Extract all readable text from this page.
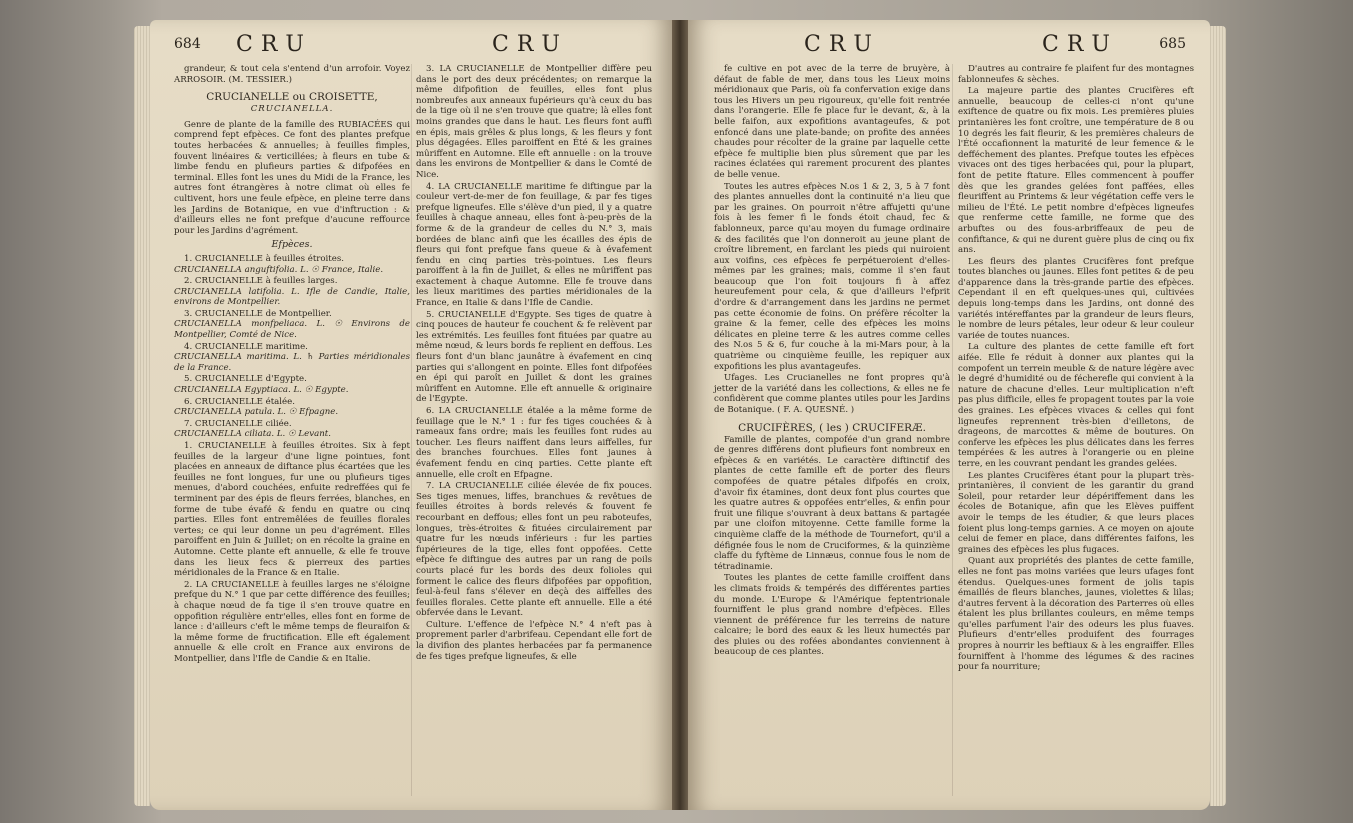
684 CRU	CRU

grandeur, & tout cela s'entend d'un arrofoir. Voyez ARROSOIR. (M. TESSIER.)

CRUCIANELLE ou CROISETTE,

CRUCIANELLA.

Genre de plante de la famille des RUBIACÉES qui comprend fept efpèces. Ce font des plantes prefque toutes herbacées & annuelles; à feuilles fimples, fouvent linéaires & verticillées; à fleurs en tube & limbe fendu en plufieurs parties & difpofées en terminal. Elles font les unes du Midi de la France, les autres font étrangères à notre climat où elles fe cultivent, hors une feule efpèce, en pleine terre dans les Jardins de Botanique, en vue d'inftruction : & d'ailleurs elles ne font prefque d'aucune reffource pour les Jardins d'agrément.

Efpèces.

1. CRUCIANELLE à feuilles étroites.

CRUCIANELLA anguftifolia. L. ☉ France, Italie.

2. CRUCIANELLE à feuilles larges.

CRUCIANELLA latifolia. L. Ifle de Candie, Italie, environs de Montpellier.

3. CRUCIANELLE de Montpellier.

CRUCIANELLA monfpeliaca. L. ☉ Environs de Montpellier, Comté de Nice.

4. CRUCIANELLE maritime.

CRUCIANELLA maritima. L. ♄ Parties méridionales de la France.

5. CRUCIANELLE d'Egypte.

CRUCIANELLA Egyptiaca. L. ☉ Egypte.

6. CRUCIANELLE étalée.

CRUCIANELLA patula. L. ☉ Efpagne.

7. CRUCIANELLE ciliée.

CRUCIANELLA ciliata. L. ☉ Levant.

1. CRUCIANELLE à feuilles étroites. Six à fept feuilles de la largeur d'une ligne pointues, font placées en anneaux de diftance plus écartées que les feuilles ne font longues, fur une ou plufieurs tiges menues, d'abord couchées, enfuite redreffées qui fe terminent par des épis de fleurs ferrées, blanches, en forme de tube évafé & fendu en quatre ou cinq parties. Elles font entremêlées de feuilles florales vertes; ce qui leur donne un peu d'agrément. Elles paroiffent en Juin & Juillet; on en récolte la graine en Automne. Cette plante eft annuelle, & elle fe trouve dans les lieux fecs & pierreux des parties méridionales de la France & en Italie.

2. LA CRUCIANELLE à feuilles larges ne s'éloigne prefque du N.° 1 que par cette différence des feuilles; à chaque nœud de fa tige il s'en trouve quatre en oppofition régulière entr'elles, elles font en forme de lance : d'ailleurs c'eft le même temps de fleuraifon & la même forme de fructification. Elle eft également annuelle & elle croît en France aux environs de Montpellier, dans l'Ifle de Candie & en Italie.

3. LA CRUCIANELLE de Montpellier diffère peu dans le port des deux précédentes; on remarque la même difpofition de feuilles, elles font plus nombreufes aux anneaux fupérieurs qu'à ceux du bas de la tige où il ne s'en trouve que quatre; là elles font moins grandes que dans le haut. Les fleurs font auffi en épis, mais grêles & plus longs, & les fleurs y font plus dégagées. Elles paroiffent en Été & les graines mûriffent en Automne. Elle eft annuelle : on la trouve dans les environs de Montpellier & dans le Comté de Nice.

4. LA CRUCIANELLE maritime fe diftingue par la couleur vert-de-mer de fon feuillage, & par fes tiges prefque ligneufes. Elle s'élève d'un pied, il y a quatre feuilles à chaque anneau, elles font à-peu-près de la forme & de la grandeur de celles du N.° 3, mais bordées de blanc ainfi que les écailles des épis de fleurs qui font prefque fans queue & à évafement fendu en cinq parties très-pointues. Les fleurs paroiffent à la fin de Juillet, & elles ne mûriffent pas exactement à chaque Automne. Elle fe trouve dans les lieux maritimes des parties méridionales de la France, en Italie & dans l'Ifle de Candie.

5. CRUCIANELLE d'Egypte. Ses tiges de quatre à cinq pouces de hauteur fe couchent & fe relèvent par les extrémités. Les feuilles font fituées par quatre au même nœud, & leurs bords fe replient en deffous. Les fleurs font d'un blanc jaunâtre à évafement en cinq parties qui s'allongent en pointe. Elles font difpofées en épi qui paroît en Juillet & dont les graines mûriffent en Automne. Elle eft annuelle & originaire de l'Egypte.

6. LA CRUCIANELLE étalée a la même forme de feuillage que le N.° 1 : fur fes tiges couchées & à rameaux fans ordre; mais les feuilles font rudes au toucher. Les fleurs naiffent dans leurs aiffelles, fur des branches fourchues. Elles font jaunes à évafement fendu en cinq parties. Cette plante eft annuelle, elle croît en Efpagne.

7. LA CRUCIANELLE ciliée élevée de fix pouces. Ses tiges menues, liffes, branchues & revêtues de feuilles étroites à bords relevés & fouvent fe recourbant en deffous; elles font un peu raboteufes, longues, très-étroites & fituées circulairement par quatre fur les nœuds inférieurs : fur les parties fupérieures de la tige, elles font oppofées. Cette efpèce fe diftingue des autres par un rang de poils courts placé fur les bords des deux folioles qui forment le calice des fleurs difpofées par oppofition, feul-à-feul fans s'élever en deçà des aiffelles des feuilles florales. Cette plante eft annuelle. Elle a été obfervée dans le Levant.

Culture. L'effence de l'efpèce N.° 4 n'eft pas à proprement parler d'arbrifeau. Cependant elle fort de la divifion des plantes herbacées par fa permanence de fes tiges prefque ligneufes, & elle

CRU	CRU	685

fe cultive en pot avec de la terre de bruyère, à défaut de fable de mer, dans tous les Lieux moins méridionaux que Paris, où fa confervation exige dans tous les Hivers un peu rigoureux, qu'elle foit rentrée dans l'orangerie. Elle fe place fur le devant, &, à la belle faifon, aux expofitions avantageufes, & pot enfoncé dans une plate-bande; on profite des années chaudes pour récolter de la graine par laquelle cette efpèce fe multiplie bien plus sûrement que par les racines éclatées qui rarement procurent des plantes de belle venue.

Toutes les autres efpèces N.os 1 & 2, 3, 5 à 7 font des plantes annuelles dont la continuité n'a lieu que par les graines. On pourroit n'être affujetti qu'une fois à les femer fi le fonds étoit chaud, fec & fablonneux, parce qu'au moyen du fumage ordinaire & des facilités que l'on donneroit au jeune plant de croître librement, en farclant les pieds qui nuiroient aux voifins, ces efpèces fe perpétueroient d'elles-mêmes par les graines; mais, comme il s'en faut beaucoup que l'on foit toujours fi à affez heureufement pour cela, & que d'ailleurs l'efprit d'ordre & d'arrangement dans les jardins ne permet pas cette économie de foins. On préfère récolter la graine & la femer, celle des efpèces les moins délicates en pleine terre & les autres comme celles des N.os 5 & 6, fur couche à la mi-Mars pour, à la quatrième ou cinquième feuille, les repiquer aux expofitions les plus avantageufes.

Ufages. Les Crucianelles ne font propres qu'à jetter de la variété dans les collections, & elles ne fe confidèrent que comme plantes utiles pour les Jardins de Botanique. ( F. A. QUESNÉ. )

CRUCIFÈRES, ( les ) CRUCIFERÆ.

Famille de plantes, compofée d'un grand nombre de genres différens dont plufieurs font nombreux en efpèces & en variétés. Le caractère diftinctif des plantes de cette famille eft de porter des fleurs compofées de quatre pétales difpofés en croix, d'avoir fix étamines, dont deux font plus courtes que les quatre autres & oppofées entr'elles, & enfin pour fruit une filique s'ouvrant à deux battans & partagée par une cloifon mitoyenne. Cette famille forme la cinquième claffe de la méthode de Tournefort, qu'il a défignée fous le nom de Cruciformes, & la quinzième claffe du fyftème de Linnæus, connue fous le nom de tétradinamie.

Toutes les plantes de cette famille croiffent dans les climats froids & tempérés des différentes parties du monde. L'Europe & l'Amérique feptentrionale fourniffent le plus grand nombre d'efpèces. Elles viennent de préférence fur les terreins de nature calcaire; le bord des eaux & les lieux humectés par des pluies ou des rofées abondantes conviennent à beaucoup de ces plantes.

D'autres au contraire fe plaifent fur des montagnes fablonneufes & sèches.

La majeure partie des plantes Crucifères eft annuelle, beaucoup de celles-ci n'ont qu'une exiftence de quatre ou fix mois. Les premières pluies printanières les font croître, une température de 8 ou 10 degrés les fait fleurir, & les premières chaleurs de l'Été occafionnent la maturité de leur femence & le defféchement des plantes. Prefque toutes les efpèces vivaces ont des tiges herbacées qui, pour la plupart, font de petite ftature. Elles commencent à pouffer dès que les grandes gelées font paffées, elles fleuriffent au Printems & leur végétation ceffe vers le milieu de l'Été. Le petit nombre d'efpèces ligneufes que renferme cette famille, ne forme que des arbuftes ou des fous-arbriffeaux de peu de confiftance, & qui ne durent guère plus de cinq ou fix ans.

Les fleurs des plantes Crucifères font prefque toutes blanches ou jaunes. Elles font petites & de peu d'apparence dans la très-grande partie des efpèces. Cependant il en eft quelques-unes qui, cultivées depuis long-temps dans les Jardins, ont donné des variétés intéreffantes par la grandeur de leurs fleurs, le nombre de leurs pétales, leur odeur & leur couleur variée de toutes nuances.

La culture des plantes de cette famille eft fort aifée. Elle fe réduit à donner aux plantes qui la compofent un terrein meuble & de nature légère avec le degré d'humidité ou de fécherefle qui convient à la nature de chacune d'elles. Leur multiplication n'eft pas plus difficile, elles fe propagent toutes par la voie des graines. Les efpèces vivaces & celles qui font ligneufes reprennent très-bien d'eilletons, de drageons, de marcottes & même de boutures. On conferve les efpèces les plus délicates dans les ferres tempérées & les autres à l'orangerie ou en pleine terre, en les couvrant pendant les grandes gelées.

Les plantes Crucifères étant pour la plupart très-printanières, il convient de les garantir du grand Soleil, pour retarder leur dépériffement dans les écoles de Botanique, afin que les Elèves puiffent avoir le temps de les étudier, & que leurs places foient plus long-temps garnies. A ce moyen on ajoute celui de femer en place, dans différentes faifons, les graines des efpèces les plus fugaces.

Quant aux propriétés des plantes de cette famille, elles ne font pas moins variées que leurs ufages font étendus. Quelques-unes forment de jolis tapis émaillés de fleurs blanches, jaunes, violettes & lilas; d'autres fervent à la décoration des Parterres où elles étalent les plus brillantes couleurs, en même temps qu'elles parfument l'air des odeurs les plus fuaves. Plufieurs d'entr'elles produifent des fourrages propres à nourrir les beftiaux & à les engraiffer. Elles fourniffent à l'homme des légumes & des racines pour fa nourriture;
